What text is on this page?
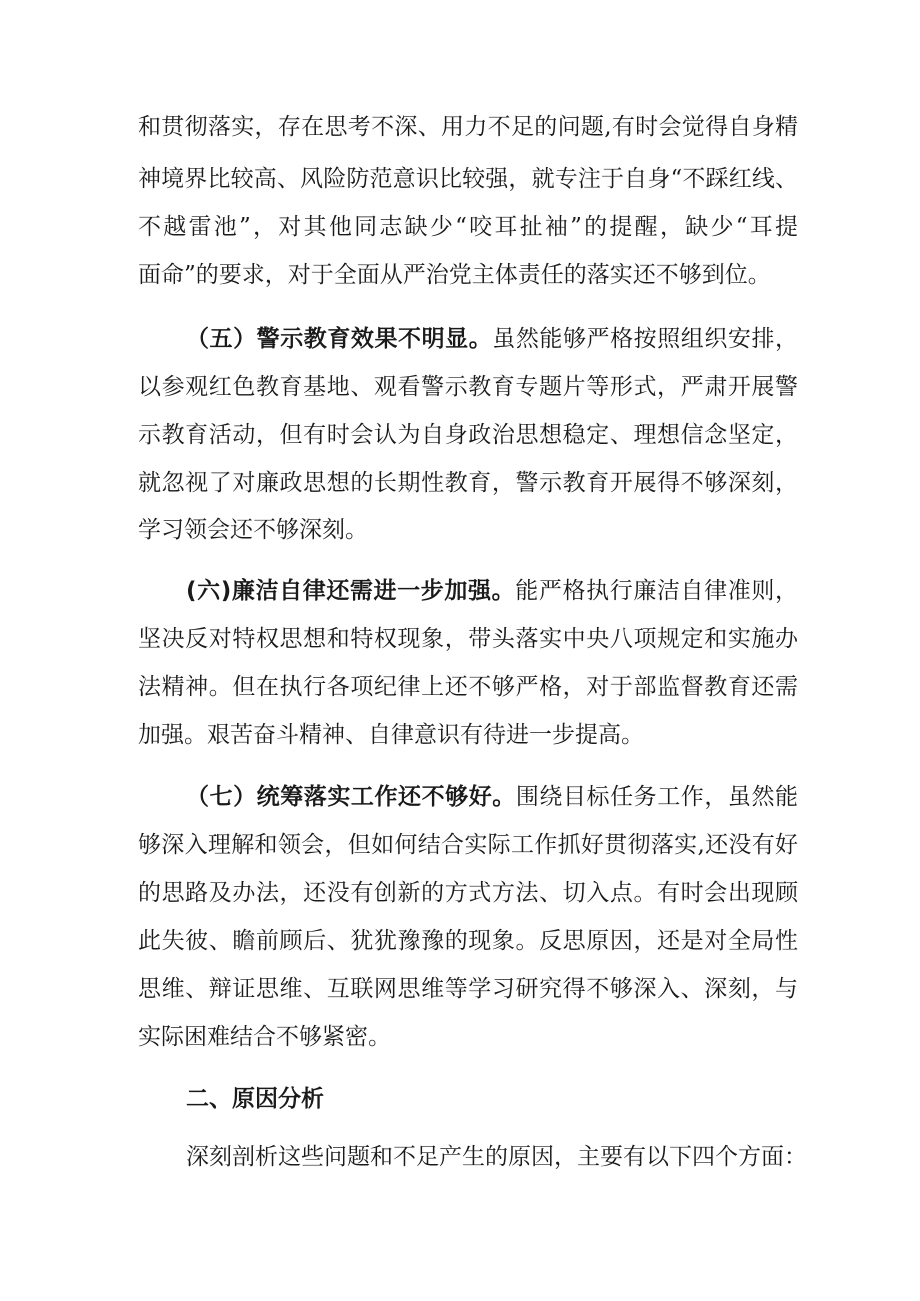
和贯彻落实，存在思考不深、用力不足的问题,有时会觉得自身精
神境界比较高、风险防范意识比较强，就专注于自身“不踩红线、
不越雷池”，对其他同志缺少“咬耳扯袖”的提醒，缺少“耳提
面命”的要求，对于全面从严治党主体责任的落实还不够到位。
（五）警示教育效果不明显。虽然能够严格按照组织安排，
以参观红色教育基地、观看警示教育专题片等形式，严肃开展警
示教育活动，但有时会认为自身政治思想稳定、理想信念坚定，
就忽视了对廉政思想的长期性教育，警示教育开展得不够深刻，
学习领会还不够深刻。
(六)廉洁自律还需进一步加强。能严格执行廉洁自律准则，
坚决反对特权思想和特权现象，带头落实中央八项规定和实施办
法精神。但在执行各项纪律上还不够严格，对于部监督教育还需
加强。艰苦奋斗精神、自律意识有待进一步提高。
（七）统筹落实工作还不够好。围绕目标任务工作，虽然能
够深入理解和领会，但如何结合实际工作抓好贯彻落实,还没有好
的思路及办法，还没有创新的方式方法、切入点。有时会出现顾
此失彼、瞻前顾后、犹犹豫豫的现象。反思原因，还是对全局性
思维、辩证思维、互联网思维等学习研究得不够深入、深刻，与
实际困难结合不够紧密。
二、原因分析
深刻剖析这些问题和不足产生的原因，主要有以下四个方面：
